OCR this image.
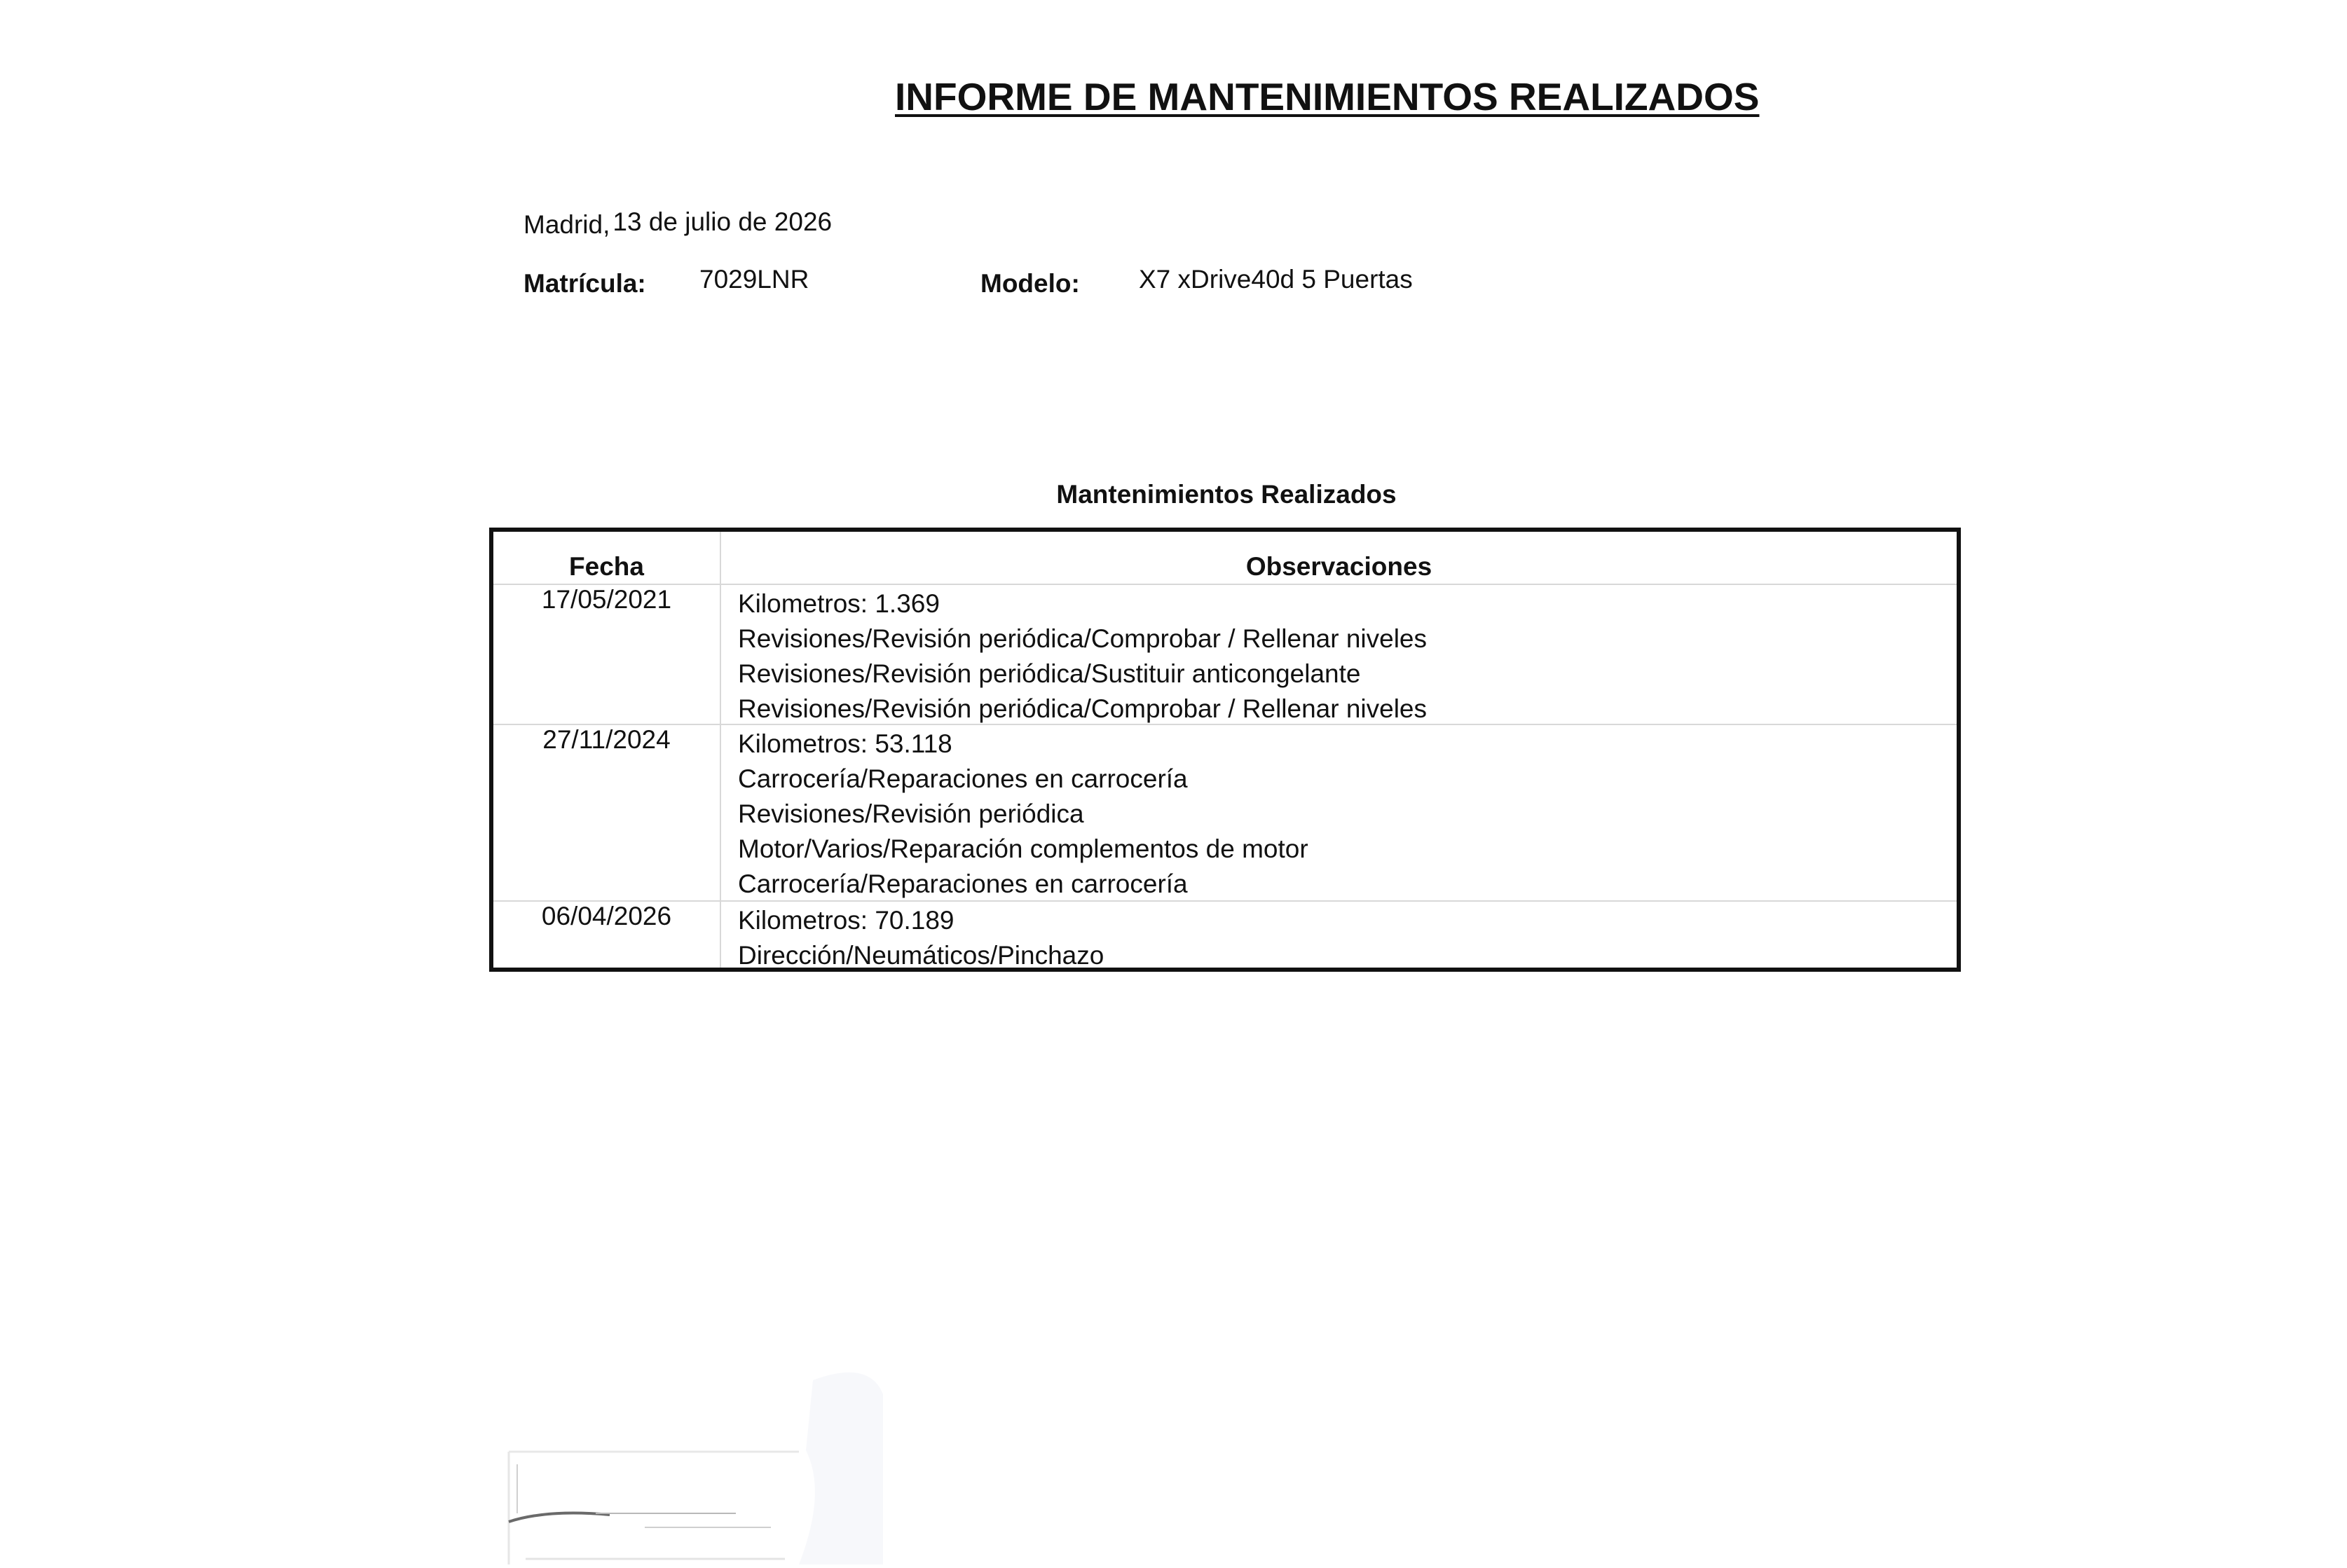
INFORME DE MANTENIMIENTOS REALIZADOS
Madrid, 13 de julio de 2026
Matrícula: 7029LNR	Modelo: X7 xDrive40d 5 Puertas
Mantenimientos Realizados
Fecha	Observaciones
17/05/2021	Kilometros: 1.369
Revisiones/Revisión periódica/Comprobar / Rellenar niveles
Revisiones/Revisión periódica/Sustituir anticongelante
Revisiones/Revisión periódica/Comprobar / Rellenar niveles
27/11/2024	Kilometros: 53.118
Carrocería/Reparaciones en carrocería
Revisiones/Revisión periódica
Motor/Varios/Reparación complementos de motor
Carrocería/Reparaciones en carrocería
06/04/2026	Kilometros: 70.189
Dirección/Neumáticos/Pinchazo
